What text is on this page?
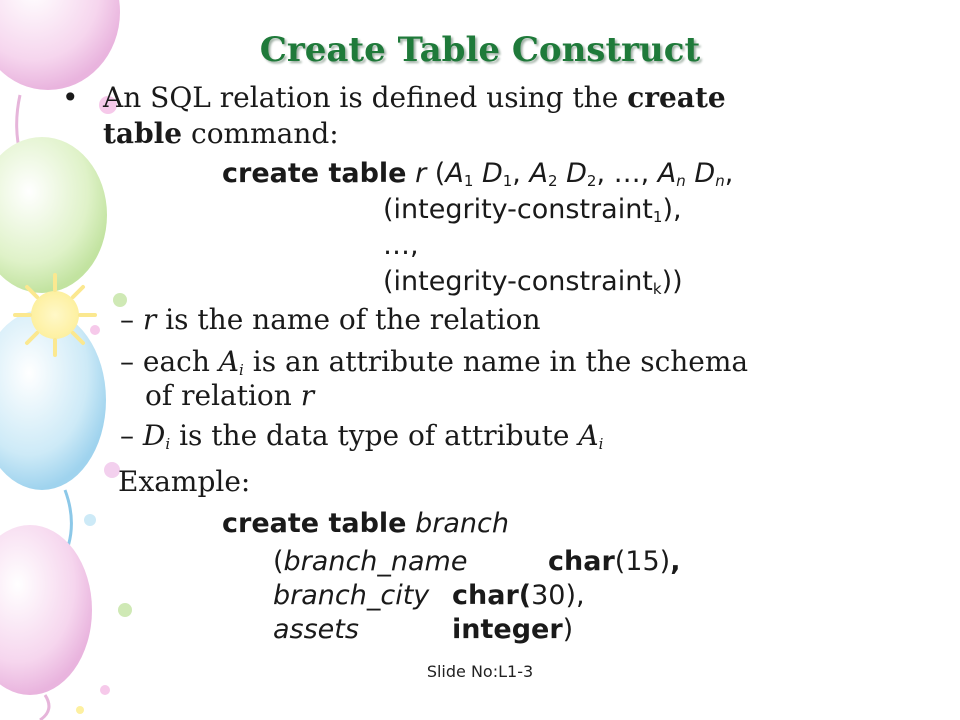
Create Table Construct
• An SQL relation is defined using the create
table command:
create table r ($A_1$ $D_1$, $A_2$ $D_2$, …, $A_n$ $D_n$,
(integrity-constraint$_1$),
…,
(integrity-constraint$_k$))
– r is the name of the relation
– each $A_i$ is an attribute name in the schema
of relation r
– $D_i$ is the data type of attribute $A_i$
Example:
create table branch
(branch_name	char(15),
branch_city char(30),
assets	integer)
Slide No:L1-3
